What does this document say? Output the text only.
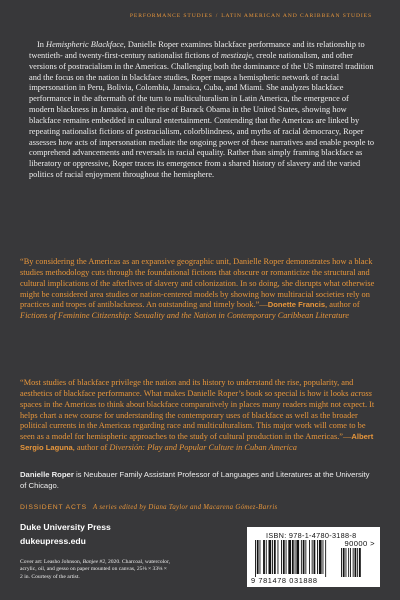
PERFORMANCE STUDIES / LATIN AMERICAN AND CARIBBEAN STUDIES

In Hemispheric Blackface, Danielle Roper examines blackface performance and its relationship to twentieth- and twenty-first-century nationalist fictions of mestizaje, creole nationalism, and other versions of postracialism in the Americas. Challenging both the dominance of the US minstrel tradition and the focus on the nation in blackface studies, Roper maps a hemispheric network of racial impersonation in Peru, Bolivia, Colombia, Jamaica, Cuba, and Miami. She analyzes blackface performance in the aftermath of the turn to multiculturalism in Latin America, the emergence of modern blackness in Jamaica, and the rise of Barack Obama in the United States, showing how blackface remains embedded in cultural entertainment. Contending that the Americas are linked by repeating nationalist fictions of postracialism, colorblindness, and myths of racial democracy, Roper assesses how acts of impersonation mediate the ongoing power of these narratives and enable people to comprehend advancements and reversals in racial equality. Rather than simply framing blackface as liberatory or oppressive, Roper traces its emergence from a shared history of slavery and the varied politics of racial enjoyment throughout the hemisphere.

“By considering the Americas as an expansive geographic unit, Danielle Roper demonstrates how a black studies methodology cuts through the foundational fictions that obscure or romanticize the structural and cultural implications of the afterlives of slavery and colonization. In so doing, she disrupts what otherwise might be considered area studies or nation-centered models by showing how multiracial societies rely on practices and tropes of antiblackness. An outstanding and timely book.”—Donette Francis, author of Fictions of Feminine Citizenship: Sexuality and the Nation in Contemporary Caribbean Literature

“Most studies of blackface privilege the nation and its history to understand the rise, popularity, and aesthetics of blackface performance. What makes Danielle Roper’s book so special is how it looks across spaces in the Americas to think about blackface comparatively in places many readers might not expect. It helps chart a new course for understanding the contemporary uses of blackface as well as the broader political currents in the Americas regarding race and multiculturalism. This major work will come to be seen as a model for hemispheric approaches to the study of cultural production in the Americas.”—Albert Sergio Laguna, author of Diversión: Play and Popular Culture in Cuban America

Danielle Roper is Neubauer Family Assistant Professor of Languages and Literatures at the University of Chicago.

DISSIDENT ACTS A series edited by Diana Taylor and Macarena Gómez-Barris
Duke University Press
dukeupress.edu

Cover art: Leasho Johnson, Banjee #2, 2020. Charcoal, watercolor, acrylic, oil, and gesso on paper mounted on canvas, 25⅛ × 33⅛ × 2 in. Courtesy of the artist.

ISBN: 978-1-4780-3188-8
90000 >
9 781478 031888
